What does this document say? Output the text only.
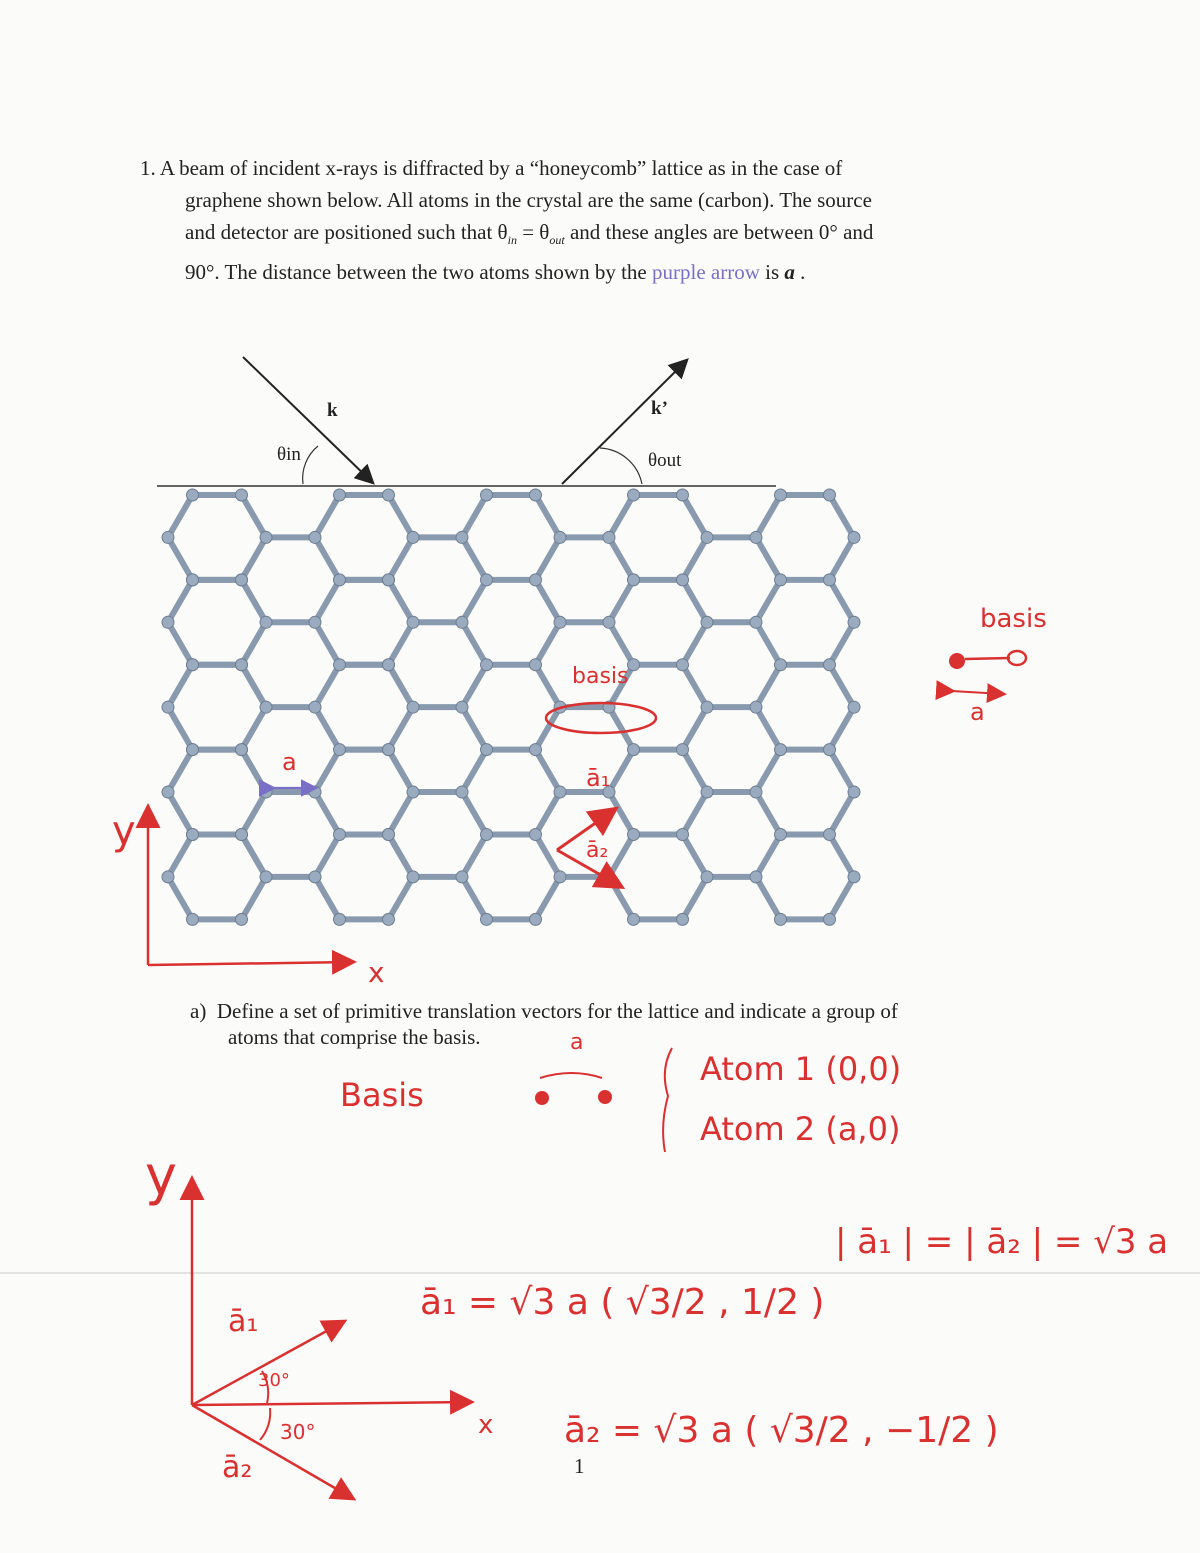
1. A beam of incident x-rays is diffracted by a “honeycomb” lattice as in the case of
graphene shown below. All atoms in the crystal are the same (carbon). The source
and detector are positioned such that $\theta_{in} = \theta_{out}$ and these angles are between 0° and
90°. The distance between the two atoms shown by the purple arrow is a .
k	k’
θin	θout
a
basis
basis
a
ā₁
ā₂
y
x
a) Define a set of primitive translation vectors for the lattice and indicate a group of
atoms that comprise the basis.
Basis
a
Atom 1 (0,0)
Atom 2 (a,0)
y
| ā₁ | = | ā₂ | = √3 a
ā₁ = √3 a ( √3/2 , 1/2 )
ā₁
30°
30°	x ā₂ = √3 a ( √3/2 , −1/2 )
ā₂	1
